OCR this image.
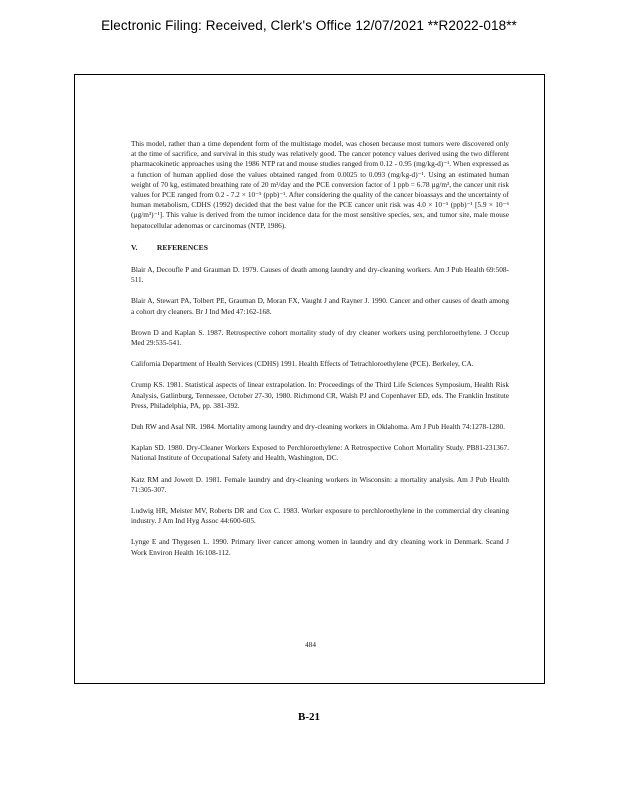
Electronic Filing: Received, Clerk's Office 12/07/2021 **R2022-018**

This model, rather than a time dependent form of the multistage model, was chosen because most tumors were discovered only at the time of sacrifice, and survival in this study was relatively good. The cancer potency values derived using the two different pharmacokinetic approaches using the 1986 NTP rat and mouse studies ranged from 0.12 - 0.95 (mg/kg-d)⁻¹. When expressed as a function of human applied dose the values obtained ranged from 0.0025 to 0.093 (mg/kg-d)⁻¹. Using an estimated human weight of 70 kg, estimated breathing rate of 20 m³/day and the PCE conversion factor of 1 ppb = 6.78 µg/m³, the cancer unit risk values for PCE ranged from 0.2 - 7.2 × 10⁻⁵ (ppb)⁻¹. After considering the quality of the cancer bioassays and the uncertainty of human metabolism, CDHS (1992) decided that the best value for the PCE cancer unit risk was 4.0 × 10⁻⁵ (ppb)⁻¹ [5.9 × 10⁻⁶ (µg/m³)⁻¹]. This value is derived from the tumor incidence data for the most sensitive species, sex, and tumor site, male mouse hepatocellular adenomas or carcinomas (NTP, 1986).

V.	REFERENCES

Blair A, Decoufle P and Grauman D. 1979. Causes of death among laundry and dry-cleaning workers. Am J Pub Health 69:508-511.

Blair A, Stewart PA, Tolbert PE, Grauman D, Moran FX, Vaught J and Rayner J. 1990. Cancer and other causes of death among a cohort dry cleaners. Br J Ind Med 47:162-168.

Brown D and Kaplan S. 1987. Retrospective cohort mortality study of dry cleaner workers using perchloroethylene. J Occup Med 29:535-541.

California Department of Health Services (CDHS) 1991. Health Effects of Tetrachloroethylene (PCE). Berkeley, CA.

Crump KS. 1981. Statistical aspects of linear extrapolation. In: Proceedings of the Third Life Sciences Symposium, Health Risk Analysis, Gatlinburg, Tennessee, October 27-30, 1980. Richmond CR, Walsh PJ and Copenhaver ED, eds. The Franklin Institute Press, Philadelphia, PA, pp. 381-392.

Duh RW and Asal NR. 1984. Mortality among laundry and dry-cleaning workers in Oklahoma. Am J Pub Health 74:1278-1280.

Kaplan SD. 1980. Dry-Cleaner Workers Exposed to Perchloroethylene: A Retrospective Cohort Mortality Study. PB81-231367. National Institute of Occupational Safety and Health, Washington, DC.

Katz RM and Jowett D. 1981. Female laundry and dry-cleaning workers in Wisconsin: a mortality analysis. Am J Pub Health 71:305-307.

Ludwig HR, Meister MV, Roberts DR and Cox C. 1983. Worker exposure to perchloroethylene in the commercial dry cleaning industry. J Am Ind Hyg Assoc 44:600-605.

Lynge E and Thygesen L. 1990. Primary liver cancer among women in laundry and dry cleaning work in Denmark. Scand J Work Environ Health 16:108-112.

484
B-21
